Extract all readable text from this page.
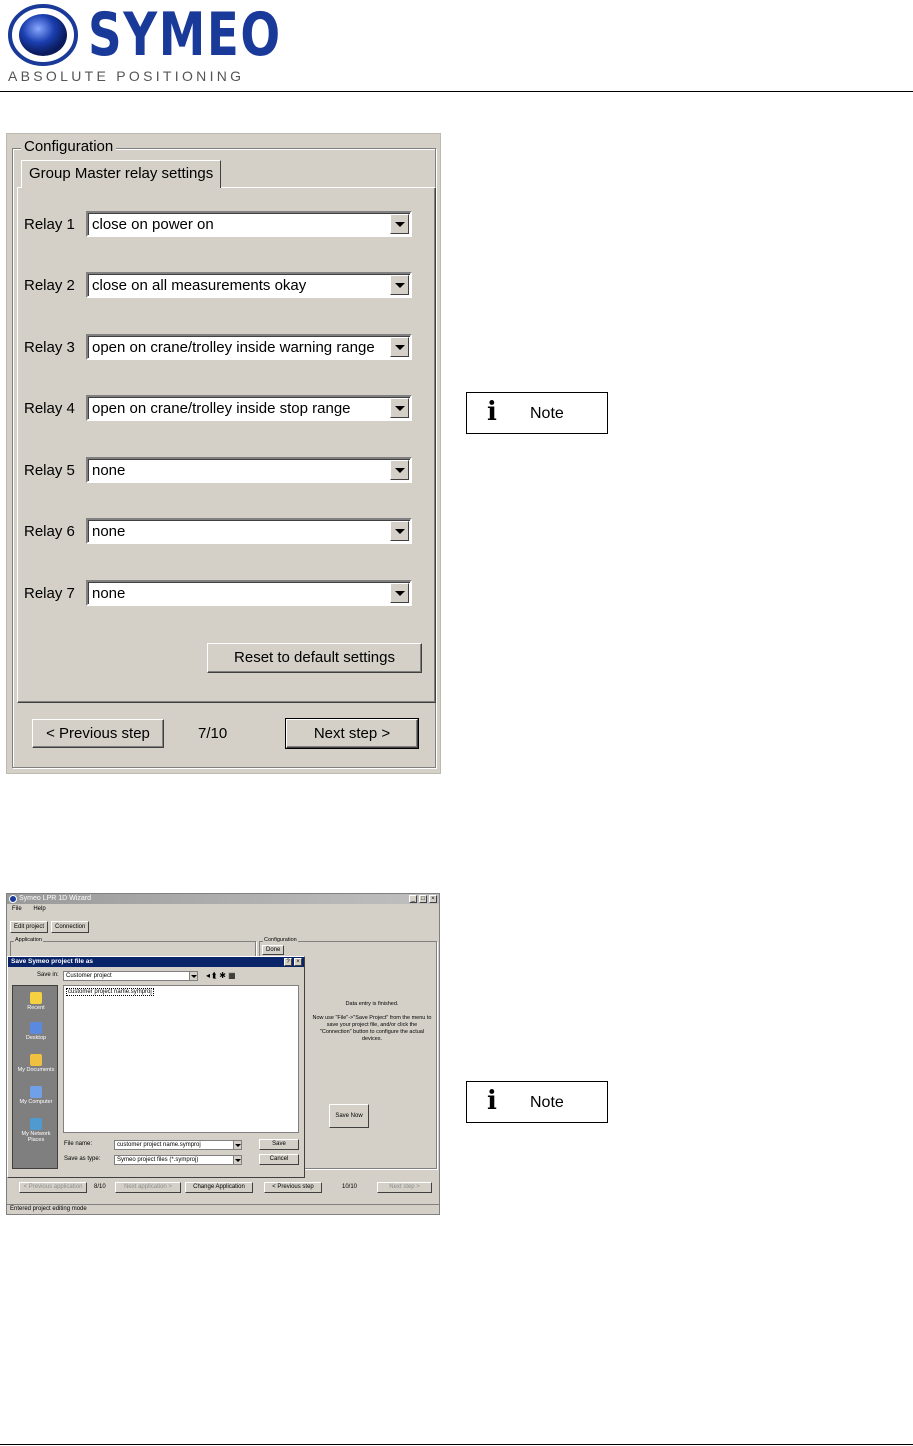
SYMEO
ABSOLUTE POSITIONING
Configuration
Group Master relay settings
Relay 1 close on power on
Relay 2 close on all measurements okay
Relay 3 open on crane/trolley inside warning range
Relay 4 open on crane/trolley inside stop range
Relay 5 none
Relay 6 none
Relay 7 none
Reset to default settings
< Previous step	7/10	Next step >
i Note
Symeo LPR 1D Wizard	_	□	×
File Help
Edit project	Connection
Application	Configuration
Done
Data entry is finished.
Now use "File"->"Save Project" from the menu to save your project file, and/or click the "Connection" button to configure the actual devices.
Save Now
Save Symeo project file as	?	×
Save in:	Customer project	◂ ⮬ ✱ ▦
Recent
Desktop
My Documents
My Computer
My Network Places
customer project name.symproj
File name:	customer project name.symproj
Save as type:	Symeo project files (*.symproj)
Save
Cancel
< Previous application	8/10	Next application >	Change Application	< Previous step	10/10	Next step >
Entered project editing mode
i Note
